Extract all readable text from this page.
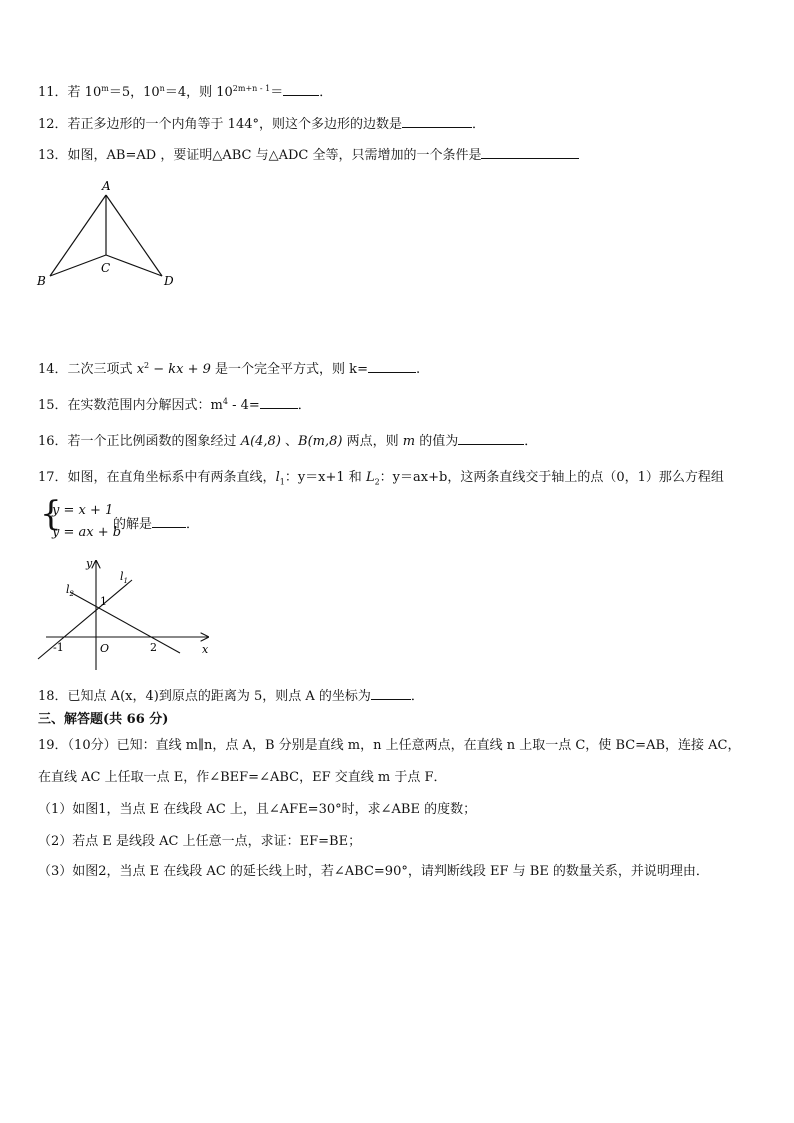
11．若 $10^m=5$，$10^n=4$，则 $10^{2m+n - 1}=$	．
12．若正多边形的一个内角等于 144°，则这个多边形的边数是	．
13．如图，AB=AD ，要证明△ABC 与△ADC 全等，只需增加的一个条件是
A
B
C
D
14．二次三项式 $x^2$ − kx + 9 是一个完全平方式，则 k=	.
15．在实数范围内分解因式：$m^4 - 4=$	．
16．若一个正比例函数的图象经过 A(4,8) 、B(m,8) 两点，则 m 的值为	．
17．如图，在直角坐标系中有两条直线，$l_1$：y＝x+1 和 $L_2$：y＝ax+b，这两条直线交于轴上的点（0，1）那么方程组
{
y = x + 1
y = ax + b
的解是	．
y
x
O
1
-1	2
$l_1$
$l_2$
18．已知点 A(x，4)到原点的距离为 5，则点 A 的坐标为	．
三、解答题(共 66 分)
19．（10分）已知：直线 m∥n，点 A，B 分别是直线 m，n 上任意两点，在直线 n 上取一点 C，使 BC=AB，连接 AC，
在直线 AC 上任取一点 E，作∠BEF=∠ABC，EF 交直线 m 于点 F．
（1）如图1，当点 E 在线段 AC 上，且∠AFE=30°时，求∠ABE 的度数；
（2）若点 E 是线段 AC 上任意一点，求证：EF=BE；
（3）如图2，当点 E 在线段 AC 的延长线上时，若∠ABC=90°，请判断线段 EF 与 BE 的数量关系，并说明理由．
